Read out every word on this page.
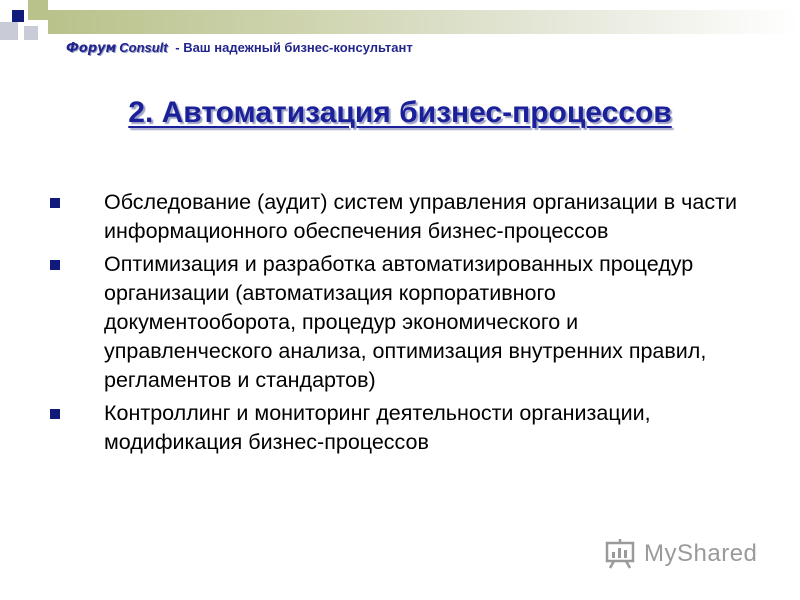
Форум Consult - Ваш надежный бизнес-консультант
2. Автоматизация бизнес-процессов
Обследование (аудит) систем управления организации в части информационного обеспечения бизнес-процессов
Оптимизация и разработка автоматизированных процедур организации (автоматизация корпоративного документооборота, процедур экономического и управленческого анализа, оптимизация внутренних правил, регламентов и стандартов)
Контроллинг и мониторинг деятельности организации, модификация бизнес-процессов
MyShared
